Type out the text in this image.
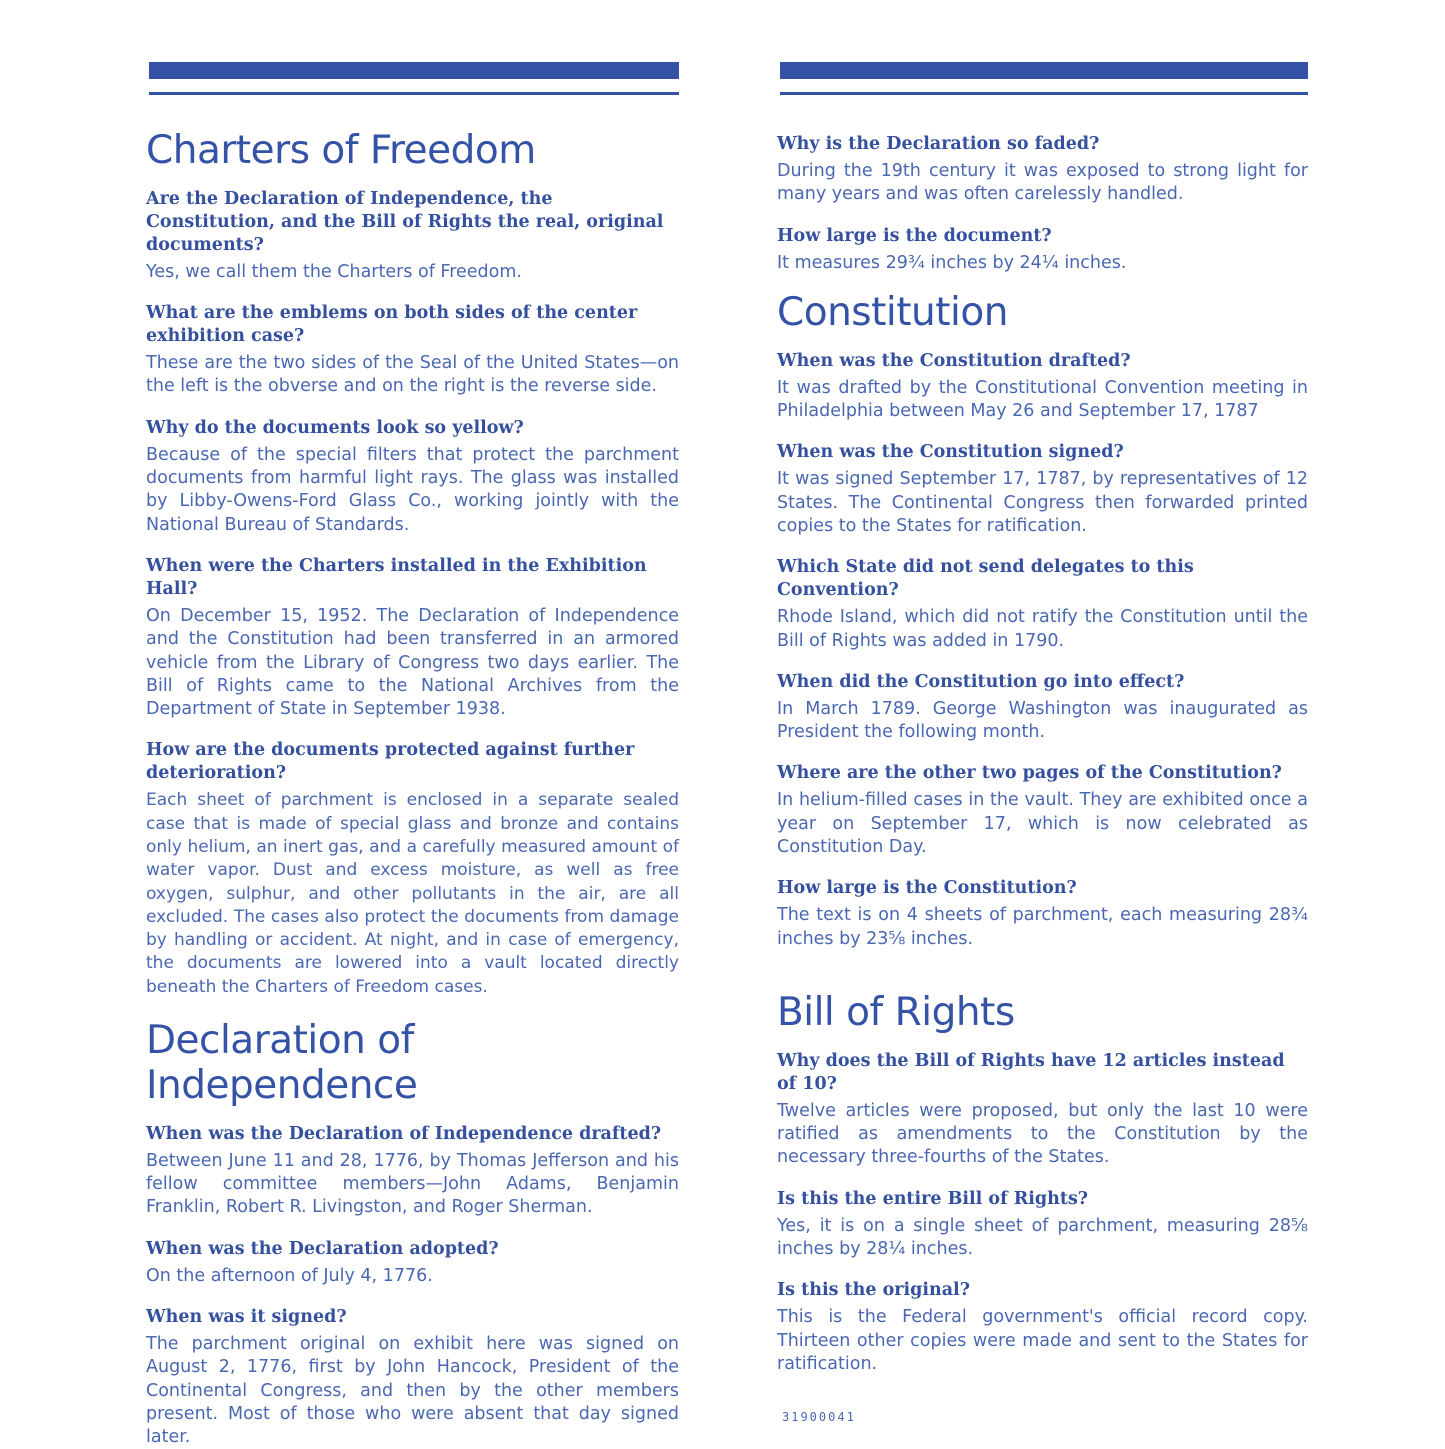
Charters of Freedom

Are the Declaration of Independence, the Constitution, and the Bill of Rights the real, original documents?

Yes, we call them the Charters of Freedom.

What are the emblems on both sides of the center exhibition case?

These are the two sides of the Seal of the United States—on the left is the obverse and on the right is the reverse side.

Why do the documents look so yellow?

Because of the special filters that protect the parchment documents from harmful light rays. The glass was installed by Libby-Owens-Ford Glass Co., working jointly with the National Bureau of Standards.

When were the Charters installed in the Exhibition Hall?

On December 15, 1952. The Declaration of Independence and the Constitution had been transferred in an armored vehicle from the Library of Congress two days earlier. The Bill of Rights came to the National Archives from the Department of State in September 1938.

How are the documents protected against further deterioration?

Each sheet of parchment is enclosed in a separate sealed case that is made of special glass and bronze and contains only helium, an inert gas, and a carefully measured amount of water vapor. Dust and excess moisture, as well as free oxygen, sulphur, and other pollutants in the air, are all excluded. The cases also protect the documents from damage by handling or accident. At night, and in case of emergency, the documents are lowered into a vault located directly beneath the Charters of Freedom cases.

Declaration of Independence

When was the Declaration of Independence drafted?

Between June 11 and 28, 1776, by Thomas Jefferson and his fellow committee members—John Adams, Benjamin Franklin, Robert R. Livingston, and Roger Sherman.

When was the Declaration adopted?

On the afternoon of July 4, 1776.

When was it signed?

The parchment original on exhibit here was signed on August 2, 1776, first by John Hancock, President of the Continental Congress, and then by the other members present. Most of those who were absent that day signed later.

Why is the Declaration so faded?

During the 19th century it was exposed to strong light for many years and was often carelessly handled.

How large is the document?

It measures 29¾ inches by 24¼ inches.

Constitution

When was the Constitution drafted?

It was drafted by the Constitutional Convention meeting in Philadelphia between May 26 and September 17, 1787

When was the Constitution signed?

It was signed September 17, 1787, by representatives of 12 States. The Continental Congress then forwarded printed copies to the States for ratification.

Which State did not send delegates to this Convention?

Rhode Island, which did not ratify the Constitution until the Bill of Rights was added in 1790.

When did the Constitution go into effect?

In March 1789. George Washington was inaugurated as President the following month.

Where are the other two pages of the Constitution?

In helium-filled cases in the vault. They are exhibited once a year on September 17, which is now celebrated as Constitution Day.

How large is the Constitution?

The text is on 4 sheets of parchment, each measuring 28¾ inches by 23⅝ inches.

Bill of Rights

Why does the Bill of Rights have 12 articles instead of 10?

Twelve articles were proposed, but only the last 10 were ratified as amendments to the Constitution by the necessary three-fourths of the States.

Is this the entire Bill of Rights?

Yes, it is on a single sheet of parchment, measuring 28⅝ inches by 28¼ inches.

Is this the original?

This is the Federal government's official record copy. Thirteen other copies were made and sent to the States for ratification.

31900041
